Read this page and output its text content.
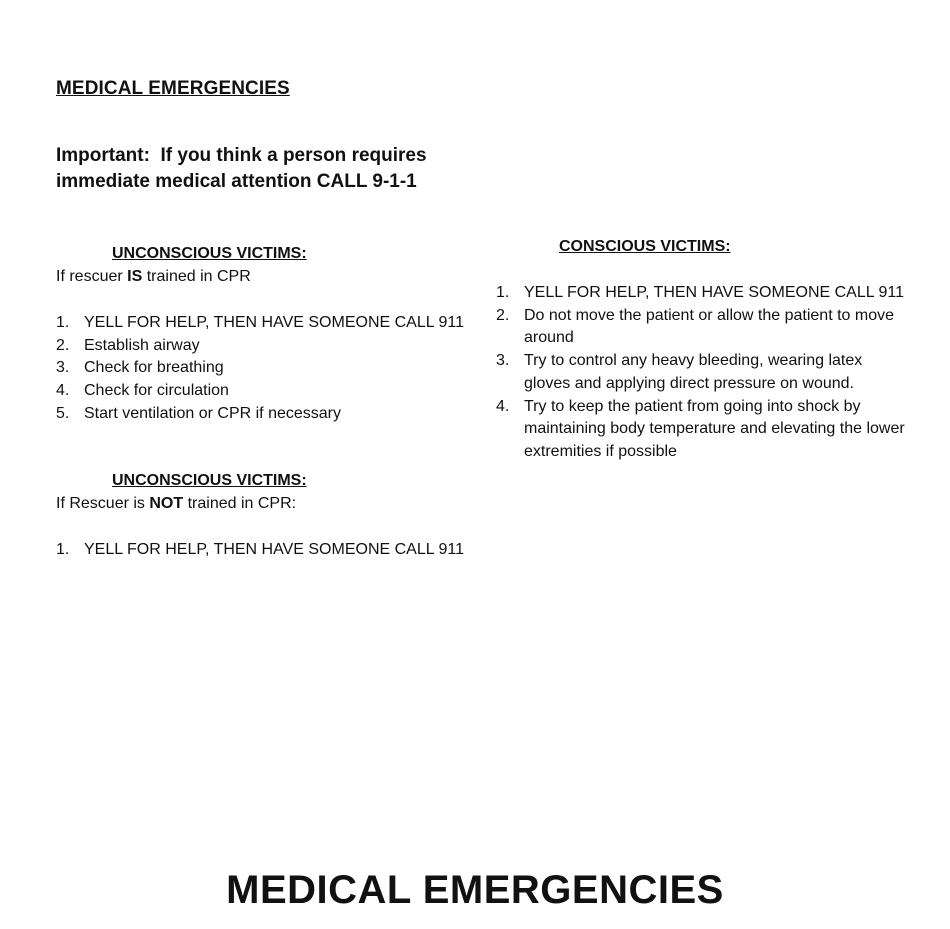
MEDICAL EMERGENCIES
Important:  If you think a person requires
immediate medical attention CALL 9-1-1
UNCONSCIOUS VICTIMS:
If rescuer IS trained in CPR
1. YELL FOR HELP, THEN HAVE SOMEONE CALL 911
2. Establish airway
3. Check for breathing
4. Check for circulation
5. Start ventilation or CPR if necessary
UNCONSCIOUS VICTIMS:
If Rescuer is NOT trained in CPR:
1. YELL FOR HELP, THEN HAVE SOMEONE CALL 911
CONSCIOUS VICTIMS:
1. YELL FOR HELP, THEN HAVE SOMEONE CALL 911
2. Do not move the patient or allow the patient to move around
3. Try to control any heavy bleeding, wearing latex gloves and applying direct pressure on wound.
4. Try to keep the patient from going into shock by maintaining body temperature and elevating the lower extremities if possible
MEDICAL EMERGENCIES
